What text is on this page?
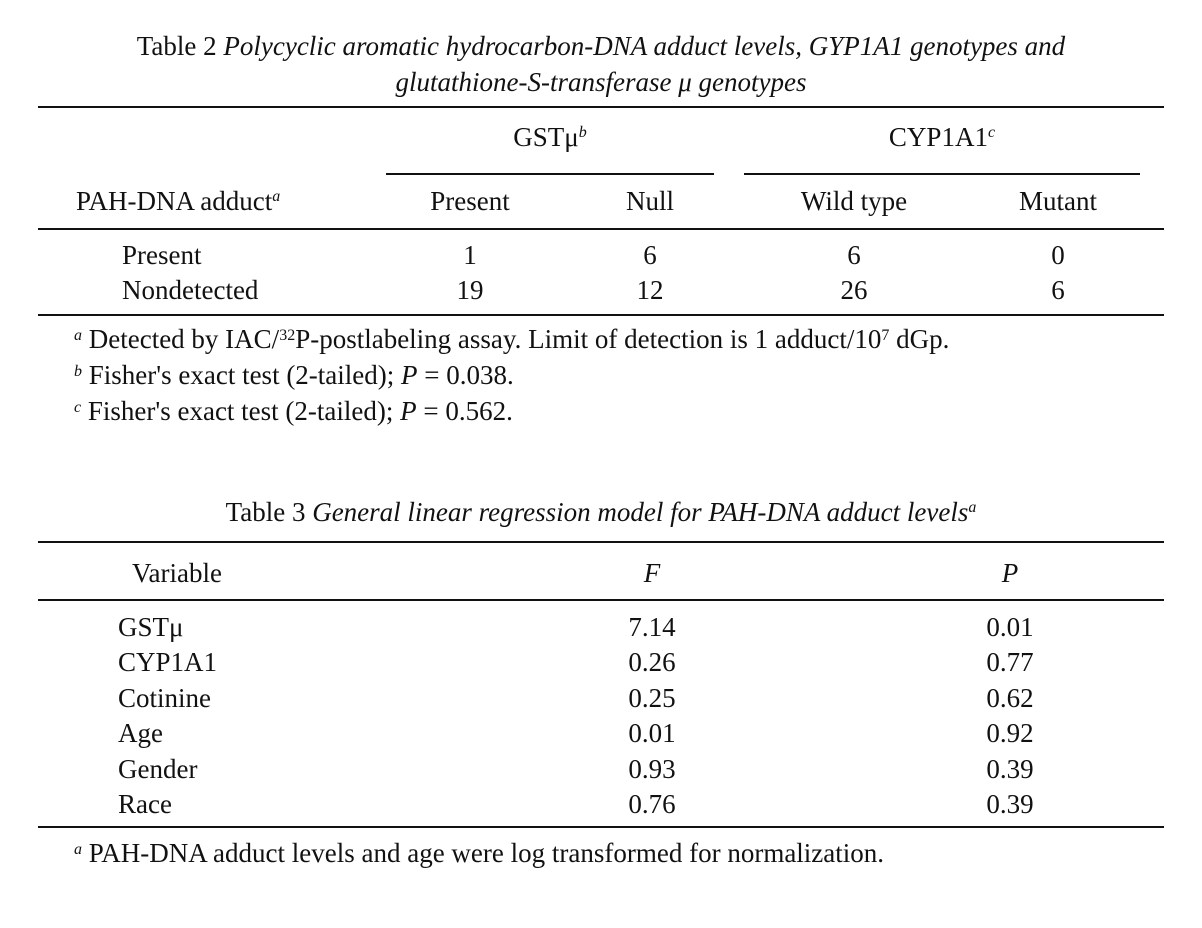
Table 2 Polycyclic aromatic hydrocarbon-DNA adduct levels, GYP1A1 genotypes and
glutathione-S-transferase μ genotypes
GSTμ$^b$	CYP1A1$^c$
PAH-DNA adduct$^a$	Present	Null	Wild type	Mutant
Present	1	6	6	0
Nondetected	19	12	26	6
$^a$ Detected by IAC/$^{32}$P-postlabeling assay. Limit of detection is 1 adduct/$10^7$ dGp.
$^b$ Fisher's exact test (2-tailed); P = 0.038.
$^c$ Fisher's exact test (2-tailed); P = 0.562.
Table 3 General linear regression model for PAH-DNA adduct levels$^a$
Variable	F	P
GSTμ	7.14	0.01
CYP1A1	0.26	0.77
Cotinine	0.25	0.62
Age	0.01	0.92
Gender	0.93	0.39
Race	0.76	0.39
$^a$ PAH-DNA adduct levels and age were log transformed for normalization.
